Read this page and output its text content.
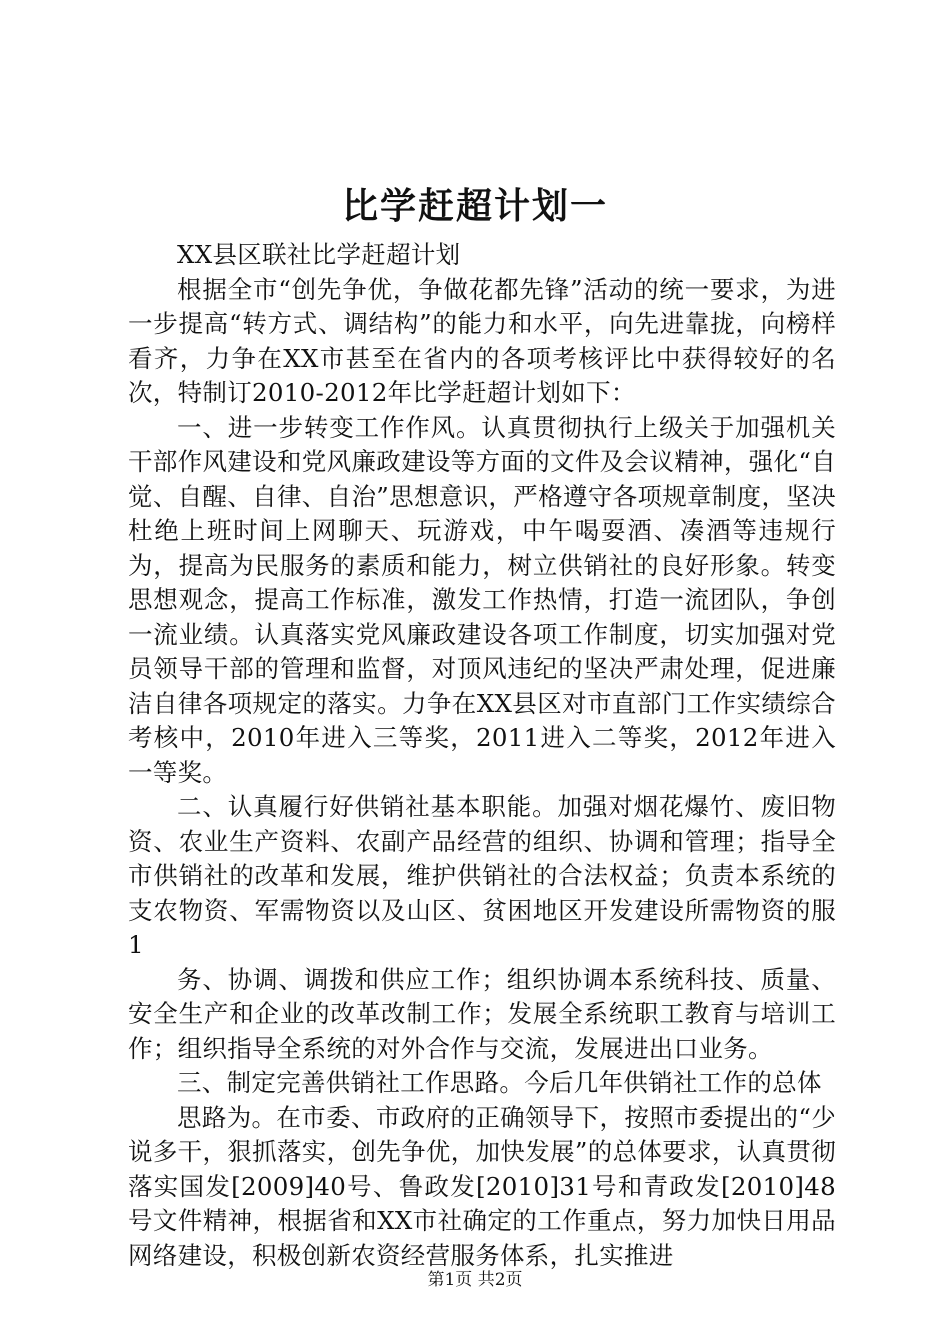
比学赶超计划一

XX县区联社比学赶超计划

根据全市“创先争优，争做花都先锋”活动的统一要求，为进一步提高“转方式、调结构”的能力和水平，向先进靠拢，向榜样看齐，力争在XX市甚至在省内的各项考核评比中获得较好的名次，特制订2010-2012年比学赶超计划如下：

一、进一步转变工作作风。认真贯彻执行上级关于加强机关干部作风建设和党风廉政建设等方面的文件及会议精神，强化“自觉、自醒、自律、自治”思想意识，严格遵守各项规章制度，坚决杜绝上班时间上网聊天、玩游戏，中午喝耍酒、凑酒等违规行为，提高为民服务的素质和能力，树立供销社的良好形象。转变思想观念，提高工作标准，激发工作热情，打造一流团队，争创一流业绩。认真落实党风廉政建设各项工作制度，切实加强对党员领导干部的管理和监督，对顶风违纪的坚决严肃处理，促进廉洁自律各项规定的落实。力争在XX县区对市直部门工作实绩综合考核中，2010年进入三等奖，2011进入二等奖，2012年进入一等奖。

二、认真履行好供销社基本职能。加强对烟花爆竹、废旧物资、农业生产资料、农副产品经营的组织、协调和管理；指导全市供销社的改革和发展，维护供销社的合法权益；负责本系统的支农物资、军需物资以及山区、贫困地区开发建设所需物资的服1

务、协调、调拨和供应工作；组织协调本系统科技、质量、安全生产和企业的改革改制工作；发展全系统职工教育与培训工作；组织指导全系统的对外合作与交流，发展进出口业务。

三、制定完善供销社工作思路。今后几年供销社工作的总体

思路为。在市委、市政府的正确领导下，按照市委提出的“少说多干，狠抓落实，创先争优，加快发展”的总体要求，认真贯彻落实国发[2009]40号、鲁政发[2010]31号和青政发[2010]48号文件精神，根据省和XX市社确定的工作重点，努力加快日用品网络建设，积极创新农资经营服务体系，扎实推进

第1页 共2页
